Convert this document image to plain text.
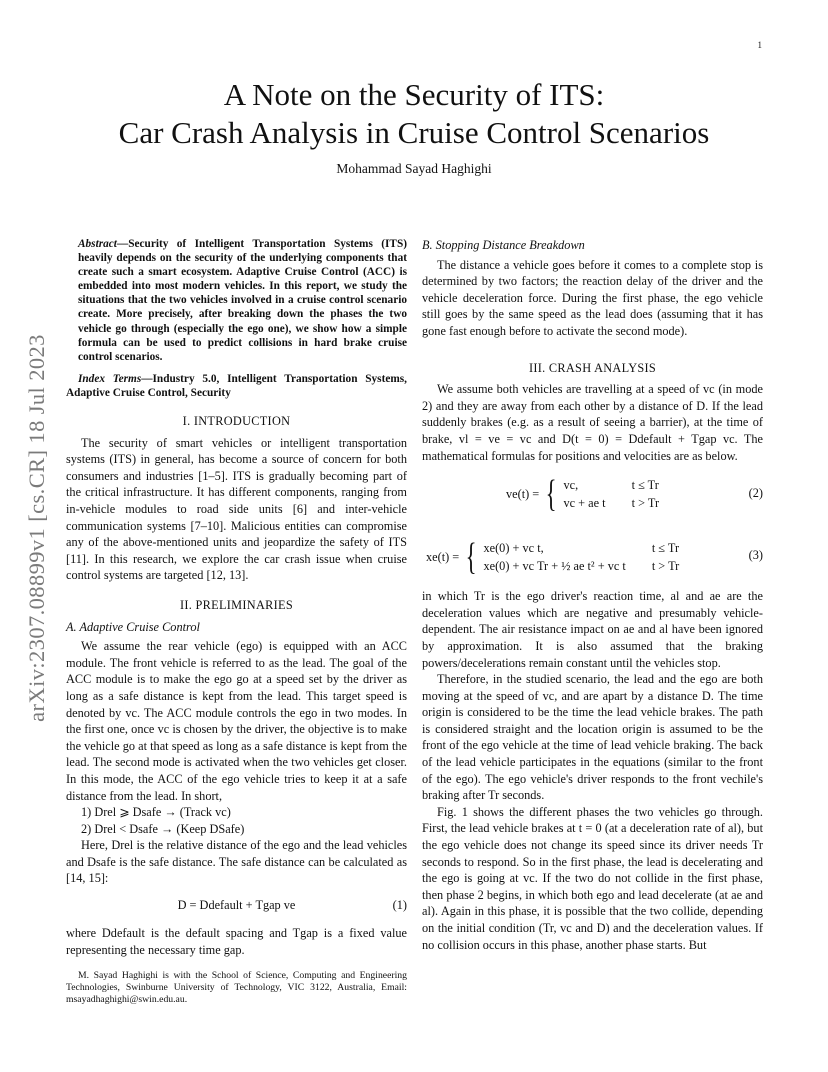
1
arXiv:2307.08899v1 [cs.CR] 18 Jul 2023
A Note on the Security of ITS:
Car Crash Analysis in Cruise Control Scenarios
Mohammad Sayad Haghighi

Abstract—Security of Intelligent Transportation Systems (ITS) heavily depends on the security of the underlying components that create such a smart ecosystem. Adaptive Cruise Control (ACC) is embedded into most modern vehicles. In this report, we study the situations that the two vehicles involved in a cruise control scenario create. More precisely, after breaking down the phases the two vehicle go through (especially the ego one), we show how a simple formula can be used to predict collisions in hard brake cruise control scenarios.

Index Terms—Industry 5.0, Intelligent Transportation Systems, Adaptive Cruise Control, Security

I. INTRODUCTION

The security of smart vehicles or intelligent transportation systems (ITS) in general, has become a source of concern for both consumers and industries [1–5]. ITS is gradually becoming part of the critical infrastructure. It has different components, ranging from in-vehicle modules to road side units [6] and inter-vehicle communication systems [7–10]. Malicious entities can compromise any of the above-mentioned units and jeopardize the safety of ITS [11]. In this research, we explore the car crash issue when cruise control systems are targeted [12, 13].

II. PRELIMINARIES

A. Adaptive Cruise Control

We assume the rear vehicle (ego) is equipped with an ACC module. The front vehicle is referred to as the lead. The goal of the ACC module is to make the ego go at a speed set by the driver as long as a safe distance is kept from the lead. This target speed is denoted by vc. The ACC module controls the ego in two modes. In the first one, once vc is chosen by the driver, the objective is to make the vehicle go at that speed as long as a safe distance is kept from the lead. The second mode is activated when the two vehicles get closer. In this mode, the ACC of the ego vehicle tries to keep it at a safe distance from the lead. In short,

1) Drel ⩾ Dsafe → (Track vc)
2) Drel < Dsafe → (Keep DSafe)

Here, Drel is the relative distance of the ego and the lead vehicles and Dsafe is the safe distance. The safe distance can be calculated as [14, 15]:

D = Ddefault + Tgap ve	(1)

where Ddefault is the default spacing and Tgap is a fixed value representing the necessary time gap.

M. Sayad Haghighi is with the School of Science, Computing and Engineering Technologies, Swinburne University of Technology, VIC 3122, Australia, Email: msayadhaghighi@swin.edu.au.

B. Stopping Distance Breakdown

The distance a vehicle goes before it comes to a complete stop is determined by two factors; the reaction delay of the driver and the vehicle deceleration force. During the first phase, the ego vehicle still goes by the same speed as the lead does (assuming that it has gone fast enough before to activate the second mode).

III. CRASH ANALYSIS

We assume both vehicles are travelling at a speed of vc (in mode 2) and they are away from each other by a distance of D. If the lead suddenly brakes (e.g. as a result of seeing a barrier), at the time of brake, vl = ve = vc and D(t = 0) = Ddefault + Tgap vc. The mathematical formulas for positions and velocities are as below.

ve(t) = { vc,	t ≤ Tr
vc + ae t t > Tr
(2)
xe(t) = { xe(0) + vc t,	t ≤ Tr
xe(0) + vc Tr + ½ ae t² + vc t t > Tr
(3)

in which Tr is the ego driver's reaction time, al and ae are the deceleration values which are negative and presumably vehicle-dependent. The air resistance impact on ae and al have been ignored by approximation. It is also assumed that the braking powers/decelerations remain constant until the vehicles stop.

Therefore, in the studied scenario, the lead and the ego are both moving at the speed of vc, and are apart by a distance D. The time origin is considered to be the time the lead vehicle brakes. The path is considered straight and the location origin is assumed to be the front of the ego vehicle at the time of lead vehicle braking. The back of the lead vehicle participates in the equations (similar to the front of the ego). The ego vehicle's driver responds to the front vechile's braking after Tr seconds.

Fig. 1 shows the different phases the two vehicles go through. First, the lead vehicle brakes at t = 0 (at a deceleration rate of al), but the ego vehicle does not change its speed since its driver needs Tr seconds to respond. So in the first phase, the lead is decelerating and the ego is going at vc. If the two do not collide in the first phase, then phase 2 begins, in which both ego and lead decelerate (at ae and al). Again in this phase, it is possible that the two collide, depending on the initial condition (Tr, vc and D) and the deceleration values. If no collision occurs in this phase, another phase starts. But
